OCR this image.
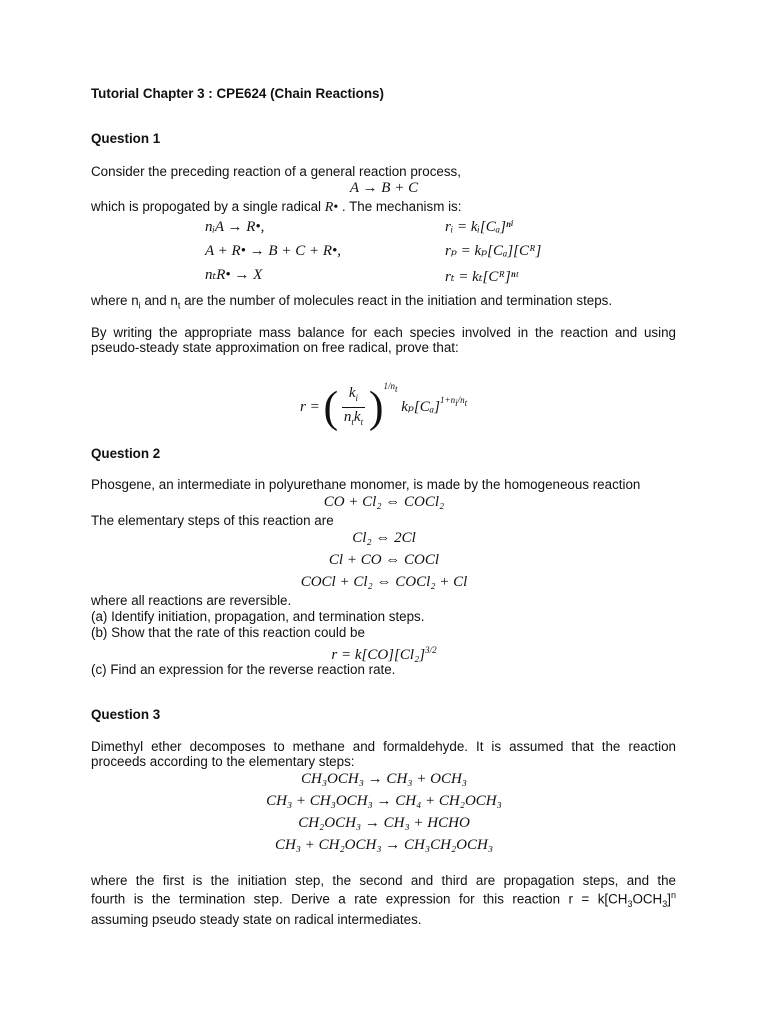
Tutorial Chapter 3 : CPE624 (Chain Reactions)
Question 1
Consider the preceding reaction of a general reaction process,
A → B + C
which is propogated by a single radical R• . The mechanism is:
nᵢA → R•,	rᵢ = kᵢ[Cₐ]ⁿⁱ
A + R• → B + C + R•,	rₚ = kₚ[Cₐ][Cᴿ]
nₜR• → X	rₜ = kₜ[Cᴿ]ⁿᵗ
where $n_i$ and $n_t$ are the number of molecules react in the initiation and termination steps.
By writing the appropriate mass balance for each species involved in the reaction and using
pseudo-steady state approximation on free radical, prove that:
r = ( $\frac{k_i}{n_tk_t} )^{1/n_t}$ $k_p[C_a]^{1+n_i/n_t}$
Question 2
Phosgene, an intermediate in polyurethane monomer, is made by the homogeneous reaction
CO + Cl₂ ⇔ COCl₂
The elementary steps of this reaction are
Cl₂ ⇔ 2Cl
Cl + CO ⇔ COCl
COCl + Cl₂ ⇔ COCl₂ + Cl
where all reactions are reversible.
(a) Identify initiation, propagation, and termination steps.
(b) Show that the rate of this reaction could be
$r = k[CO][Cl_2]^{3/2}$
(c) Find an expression for the reverse reaction rate.
Question 3
Dimethyl ether decomposes to methane and formaldehyde. It is assumed that the reaction
proceeds according to the elementary steps:
CH₃OCH₃ → CH₃ + OCH₃
CH₃ + CH₃OCH₃ → CH₄ + CH₂OCH₃
CH₂OCH₃ → CH₃ + HCHO
CH₃ + CH₂OCH₃ → CH₃CH₂OCH₃
where the first is the initiation step, the second and third are propagation steps, and the
fourth is the termination step. Derive a rate expression for this reaction $r = k[CH_3OCH_3]^n$
assuming pseudo steady state on radical intermediates.
